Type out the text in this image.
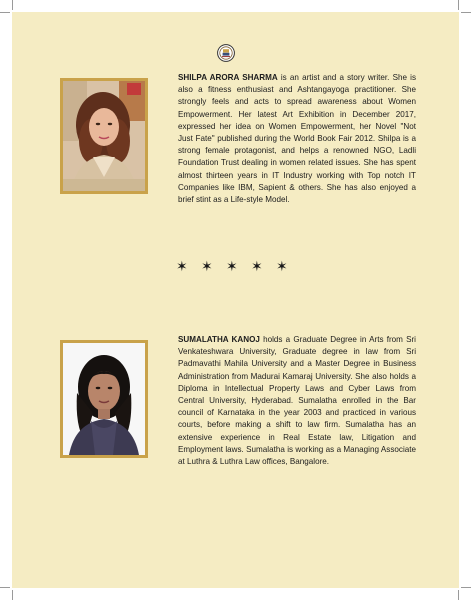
SHILPA ARORA SHARMA is an artist and a story writer. She is also a fitness enthusiast and Ashtangayoga practitioner. She strongly feels and acts to spread awareness about Women Empowerment. Her latest Art Exhibition in December 2017, expressed her idea on Women Empowerment, her Novel "Not Just Fate" published during the World Book Fair 2012. Shilpa is a strong female protagonist, and helps a renowned NGO, Ladli Foundation Trust dealing in women related issues. She has spent almost thirteen years in IT Industry working with Top notch IT Companies like IBM, Sapient & others. She has also enjoyed a brief stint as a Life-style Model.

✶ ✶ ✶ ✶ ✶

SUMALATHA KANOJ holds a Graduate Degree in Arts from Sri Venkateshwara University, Graduate degree in law from Sri Padmavathi Mahila University and a Master Degree in Business Administration from Madurai Kamaraj University. She also holds a Diploma in Intellectual Property Laws and Cyber Laws from Central University, Hyderabad. Sumalatha enrolled in the Bar council of Karnataka in the year 2003 and practiced in various courts, before making a shift to law firm. Sumalatha has an extensive experience in Real Estate law, Litigation and Employment laws. Sumalatha is working as a Managing Associate at Luthra & Luthra Law offices, Bangalore.
